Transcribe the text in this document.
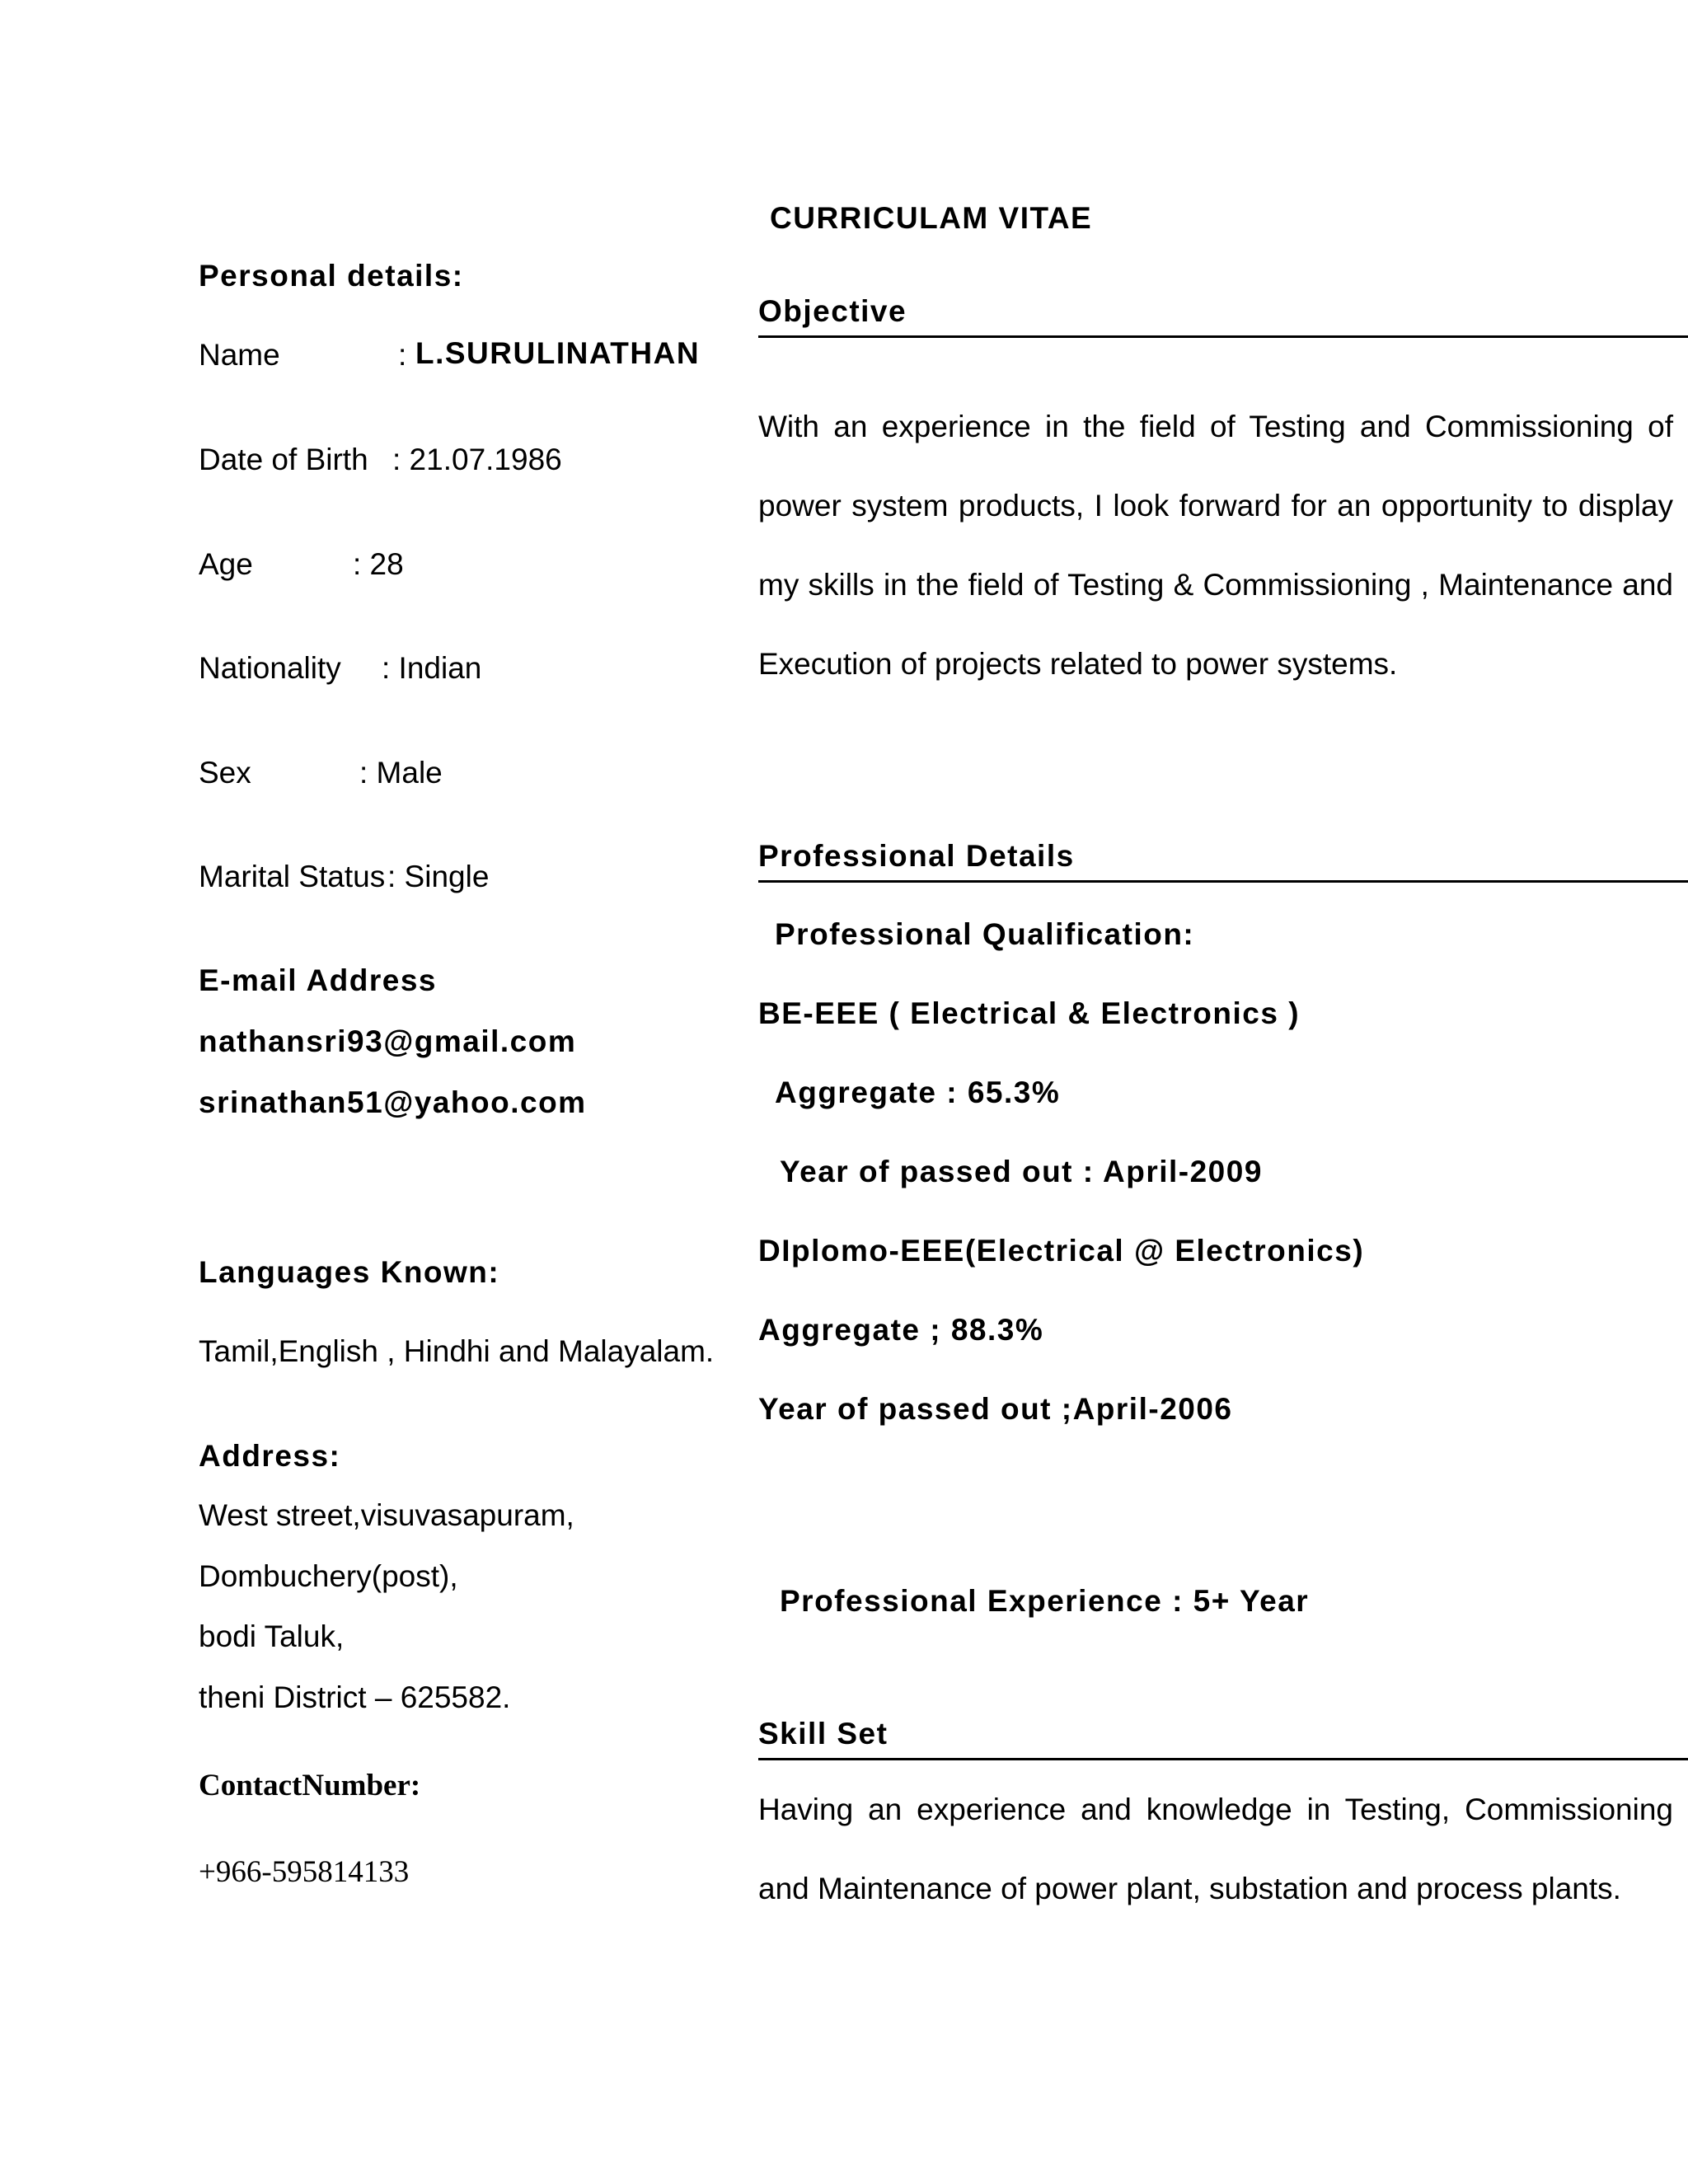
CURRICULAM VITAE
Personal details:
Name	: L.SURULINATHAN
Date of Birth : 21.07.1986
Age	: 28
Nationality : Indian
Sex	: Male
Marital Status : Single
E-mail Address
nathansri93@gmail.com
srinathan51@yahoo.com
Languages Known:
Tamil,English , Hindhi and Malayalam.
Address:
West street,visuvasapuram,
Dombuchery(post),
bodi Taluk,
theni District – 625582.
ContactNumber:
+966-595814133
Objective
With an experience in the field of Testing and Commissioning of
power system products, I look forward for an opportunity to display
my skills in the field of Testing & Commissioning , Maintenance and
Execution of projects related to power systems.
Professional Details
Professional Qualification:
BE-EEE ( Electrical & Electronics )
Aggregate : 65.3%
Year of passed out : April-2009
DIplomo-EEE(Electrical @ Electronics)
Aggregate ; 88.3%
Year of passed out ;April-2006
Professional Experience : 5+ Year
Skill Set
Having an experience and knowledge in Testing, Commissioning
and Maintenance of power plant, substation and process plants.
